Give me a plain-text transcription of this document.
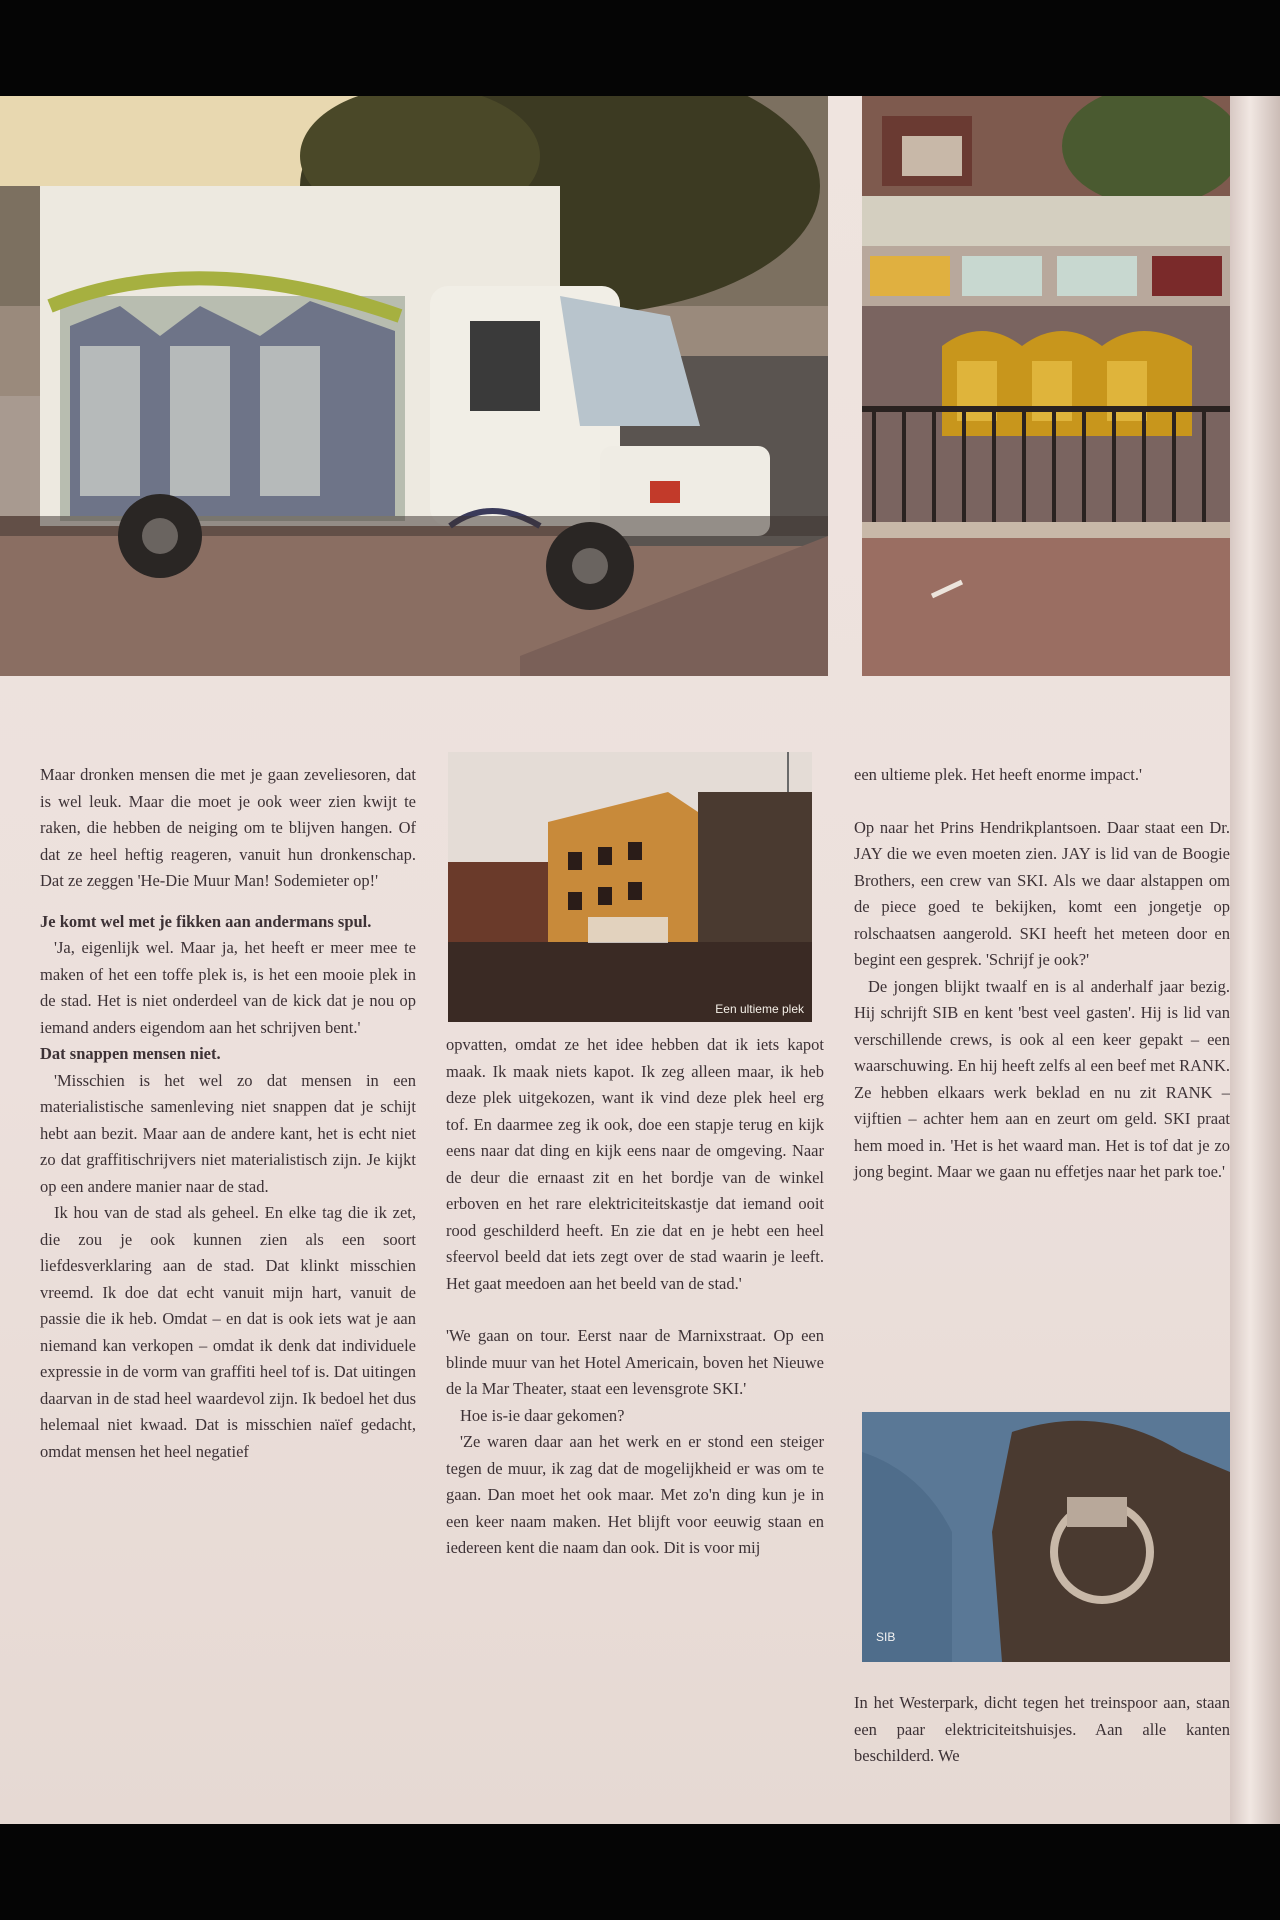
Een ultieme plek
SIB

Maar dronken mensen die met je gaan zeveliesoren, dat is wel leuk. Maar die moet je ook weer zien kwijt te raken, die hebben de neiging om te blijven hangen. Of dat ze heel heftig reageren, vanuit hun dronkenschap. Dat ze zeggen 'He-Die Muur Man! Sodemieter op!'

Je komt wel met je fikken aan andermans spul.

'Ja, eigenlijk wel. Maar ja, het heeft er meer mee te maken of het een toffe plek is, is het een mooie plek in de stad. Het is niet onderdeel van de kick dat je nou op iemand anders eigendom aan het schrijven bent.'

Dat snappen mensen niet.

'Misschien is het wel zo dat mensen in een materialistische samenleving niet snappen dat je schijt hebt aan bezit. Maar aan de andere kant, het is echt niet zo dat graffitischrijvers niet materialistisch zijn. Je kijkt op een andere manier naar de stad.

Ik hou van de stad als geheel. En elke tag die ik zet, die zou je ook kunnen zien als een soort liefdesverklaring aan de stad. Dat klinkt misschien vreemd. Ik doe dat echt vanuit mijn hart, vanuit de passie die ik heb. Omdat – en dat is ook iets wat je aan niemand kan verkopen – omdat ik denk dat individuele expressie in de vorm van graffiti heel tof is. Dat uitingen daarvan in de stad heel waardevol zijn. Ik bedoel het dus helemaal niet kwaad. Dat is misschien naïef gedacht, omdat mensen het heel negatief

opvatten, omdat ze het idee hebben dat ik iets kapot maak. Ik maak niets kapot. Ik zeg alleen maar, ik heb deze plek uitgekozen, want ik vind deze plek heel erg tof. En daarmee zeg ik ook, doe een stapje terug en kijk eens naar dat ding en kijk eens naar de omgeving. Naar de deur die ernaast zit en het bordje van de winkel erboven en het rare elektriciteitskastje dat iemand ooit rood geschilderd heeft. En zie dat en je hebt een heel sfeervol beeld dat iets zegt over de stad waarin je leeft. Het gaat meedoen aan het beeld van de stad.'

'We gaan on tour. Eerst naar de Marnixstraat. Op een blinde muur van het Hotel Americain, boven het Nieuwe de la Mar Theater, staat een levensgrote SKI.'

Hoe is-ie daar gekomen?

'Ze waren daar aan het werk en er stond een steiger tegen de muur, ik zag dat de mogelijkheid er was om te gaan. Dan moet het ook maar. Met zo'n ding kun je in een keer naam maken. Het blijft voor eeuwig staan en iedereen kent die naam dan ook. Dit is voor mij

een ultieme plek. Het heeft enorme impact.'

Op naar het Prins Hendrikplantsoen. Daar staat een Dr. JAY die we even moeten zien. JAY is lid van de Boogie Brothers, een crew van SKI. Als we daar alstappen om de piece goed te bekijken, komt een jongetje op rolschaatsen aangerold. SKI heeft het meteen door en begint een gesprek. 'Schrijf je ook?'

De jongen blijkt twaalf en is al anderhalf jaar bezig. Hij schrijft SIB en kent 'best veel gasten'. Hij is lid van verschillende crews, is ook al een keer gepakt – een waarschuwing. En hij heeft zelfs al een beef met RANK. Ze hebben elkaars werk beklad en nu zit RANK – vijftien – achter hem aan en zeurt om geld. SKI praat hem moed in. 'Het is het waard man. Het is tof dat je zo jong begint. Maar we gaan nu effetjes naar het park toe.'

In het Westerpark, dicht tegen het treinspoor aan, staan een paar elektriciteitshuisjes. Aan alle kanten beschilderd. We
